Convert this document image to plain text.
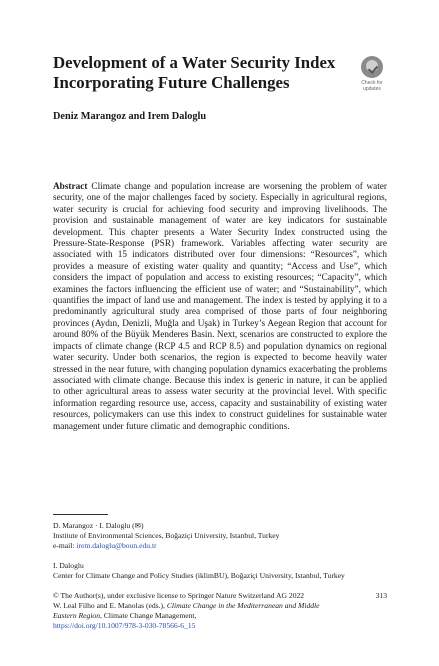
Development of a Water Security Index Incorporating Future Challenges	Check for
updates

Deniz Marangoz and Irem Daloglu

Abstract Climate change and population increase are worsening the problem of water security, one of the major challenges faced by society. Especially in agricultural regions, water security is crucial for achieving food security and improving livelihoods. The provision and sustainable management of water are key indicators for sustainable development. This chapter presents a Water Security Index constructed using the Pressure-State-Response (PSR) framework. Variables affecting water security are associated with 15 indicators distributed over four dimensions: “Resources”, which provides a measure of existing water quality and quantity; “Access and Use”, which considers the impact of population and access to existing resources; “Capacity”, which examines the factors influencing the efficient use of water; and “Sustainability”, which quantifies the impact of land use and management. The index is tested by applying it to a predominantly agricultural study area comprised of those parts of four neighboring provinces (Aydın, Denizli, Muğla and Uşak) in Turkey’s Aegean Region that account for around 80% of the Büyük Menderes Basin. Next, scenarios are constructed to explore the impacts of climate change (RCP 4.5 and RCP 8.5) and population dynamics on regional water security. Under both scenarios, the region is expected to become heavily water stressed in the near future, with changing population dynamics exacerbating the problems associated with climate change. Because this index is generic in nature, it can be applied to other agricultural areas to assess water security at the provincial level. With specific information regarding resource use, access, capacity and sustainability of existing water resources, policymakers can use this index to construct guidelines for sustainable water management under future climatic and demographic conditions.

D. Marangoz · I. Daloglu (✉)
Institute of Environmental Sciences, Boğaziçi University, Istanbul, Turkey
e-mail: irem.daloglu@boun.edu.tr
I. Daloglu
Center for Climate Change and Policy Studies (iklimBU), Boğaziçi University, Istanbul, Turkey
© The Author(s), under exclusive license to Springer Nature Switzerland AG 2022	313
W. Leal Filho and E. Manolas (eds.), Climate Change in the Mediterranean and Middle
Eastern Region, Climate Change Management,
https://doi.org/10.1007/978-3-030-78566-6_15
